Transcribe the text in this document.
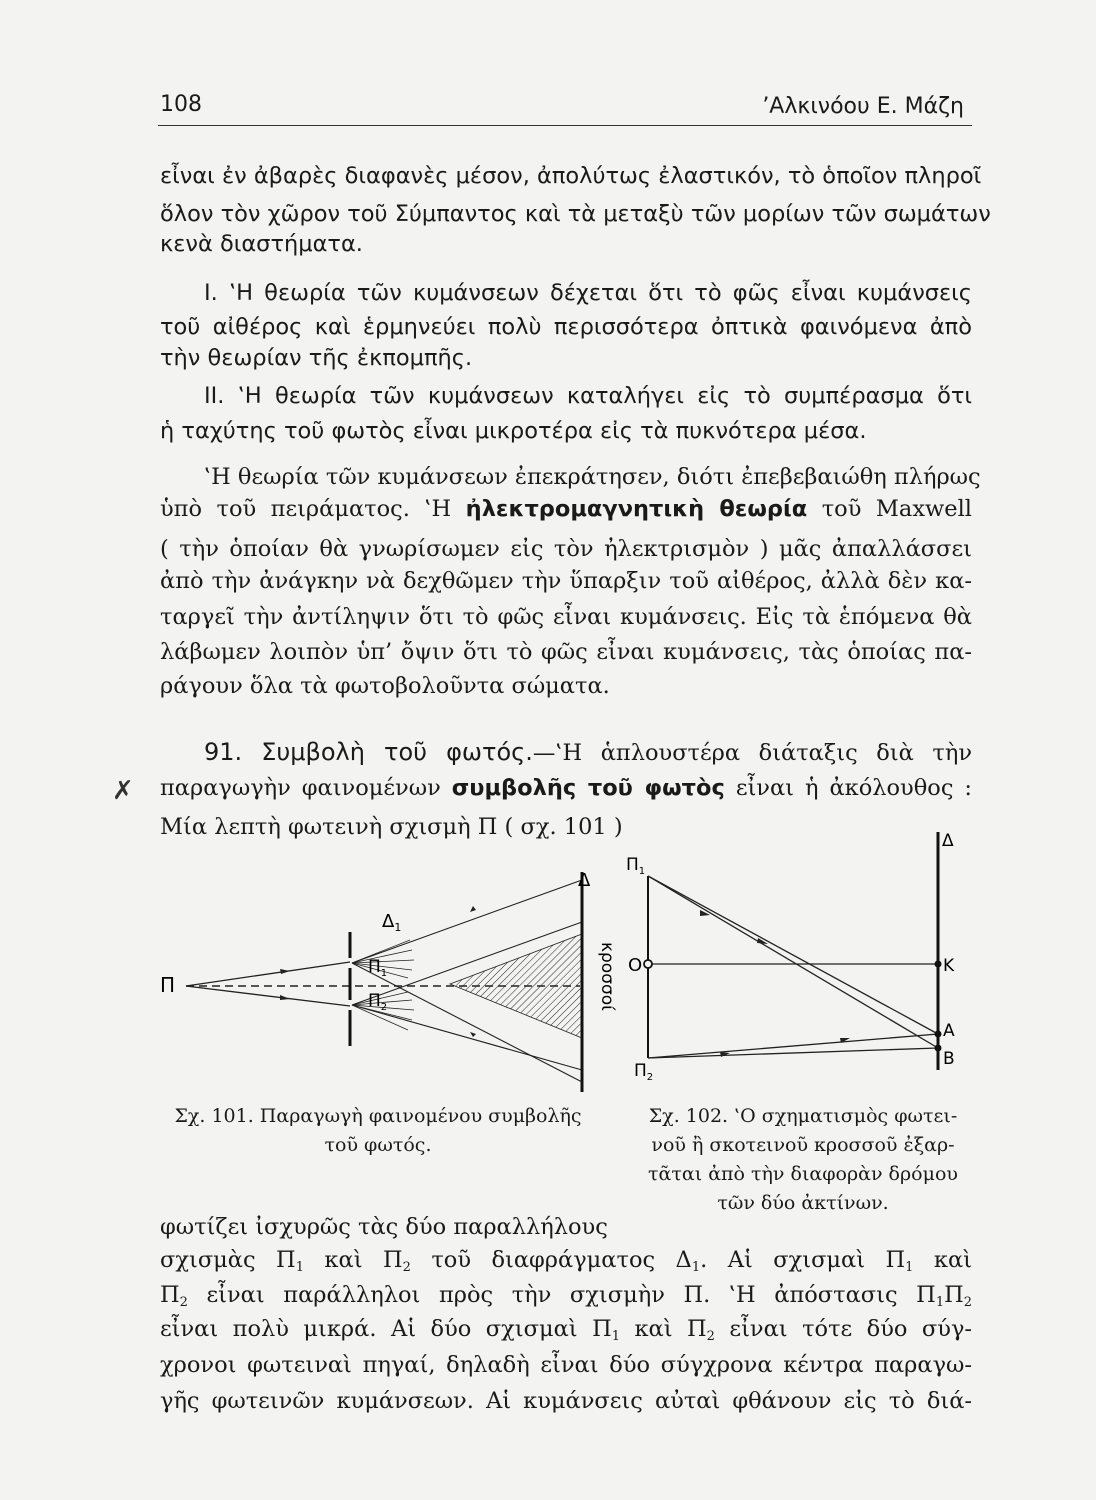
108	’Αλκινόου Ε. Μάζη
εἶναι ἐν ἀβαρὲς διαφανὲς μέσον, ἀπολύτως ἐλαστικόν, τὸ ὁποῖον πληροῖ
ὅλον τὸν χῶρον τοῦ Σύμπαντος καὶ τὰ μεταξὺ τῶν μορίων τῶν σωμάτων
κενὰ διαστήματα.
I. ‛Η θεωρία τῶν κυμάνσεων δέχεται ὅτι τὸ φῶς εἶναι κυμάνσεις
τοῦ αἰθέρος καὶ ἑρμηνεύει πολὺ περισσότερα ὀπτικὰ φαινόμενα ἀπὸ
τὴν θεωρίαν τῆς ἐκπομπῆς.
II. ‛Η θεωρία τῶν κυμάνσεων καταλήγει εἰς τὸ συμπέρασμα ὅτι
ἡ ταχύτης τοῦ φωτὸς εἶναι μικροτέρα εἰς τὰ πυκνότερα μέσα.
‛Η θεωρία τῶν κυμάνσεων ἐπεκράτησεν, διότι ἐπεβεβαιώθη πλήρως
ὑπὸ τοῦ πειράματος. ‛Η ἠλεκτρομαγνητικὴ θεωρία τοῦ Maxwell
( τὴν ὁποίαν θὰ γνωρίσωμεν εἰς τὸν ἠλεκτρισμὸν ) μᾶς ἀπαλλάσσει
ἀπὸ τὴν ἀνάγκην νὰ δεχθῶμεν τὴν ὕπαρξιν τοῦ αἰθέρος, ἀλλὰ δὲν κα-
ταργεῖ τὴν ἀντίληψιν ὅτι τὸ φῶς εἶναι κυμάνσεις. Εἰς τὰ ἑπόμενα θὰ
λάβωμεν λοιπὸν ὑπ’ ὄψιν ὅτι τὸ φῶς εἶναι κυμάνσεις, τὰς ὁποίας πα-
ράγουν ὅλα τὰ φωτοβολοῦντα σώματα.
91. Συμβολὴ τοῦ φωτός.—‛Η ἁπλουστέρα διάταξις διὰ τὴν
✗ παραγωγὴν φαινομένων συμβολῆς τοῦ φωτὸς εἶναι ἡ ἀκόλουθος :
Μία λεπτὴ φωτεινὴ σχισμὴ Π ( σχ. 101 )
Π
$\Delta_1$
$\Pi_1$
$\Pi_2$
Δ
κροσσοί
$\Pi_1$
$\Pi_2$
Ο	Κ
Α
Β
Δ
Σχ. 101. Παραγωγὴ φαινομένου συμβολῆς
τοῦ φωτός.
Σχ. 102. ‛Ο σχηματισμὸς φωτει-
νοῦ ἢ σκοτεινοῦ κροσσοῦ ἐξαρ-
τᾶται ἀπὸ τὴν διαφορὰν δρόμου
τῶν δύο ἀκτίνων.
φωτίζει ἰσχυρῶς τὰς δύο παραλλήλους
σχισμὰς $\Pi_1$ καὶ $\Pi_2$ τοῦ διαφράγματος $\Delta_1$. Αἱ σχισμαὶ $\Pi_1$ καὶ
$\Pi_2$ εἶναι παράλληλοι πρὸς τὴν σχισμὴν Π. ‛Η ἀπόστασις $\Pi_1\Pi_2$
εἶναι πολὺ μικρά. Αἱ δύο σχισμαὶ $\Pi_1$ καὶ $\Pi_2$ εἶναι τότε δύο σύγ-
χρονοι φωτειναὶ πηγαί, δηλαδὴ εἶναι δύο σύγχρονα κέντρα παραγω-
γῆς φωτεινῶν κυμάνσεων. Αἱ κυμάνσεις αὐταὶ φθάνουν εἰς τὸ διά-
